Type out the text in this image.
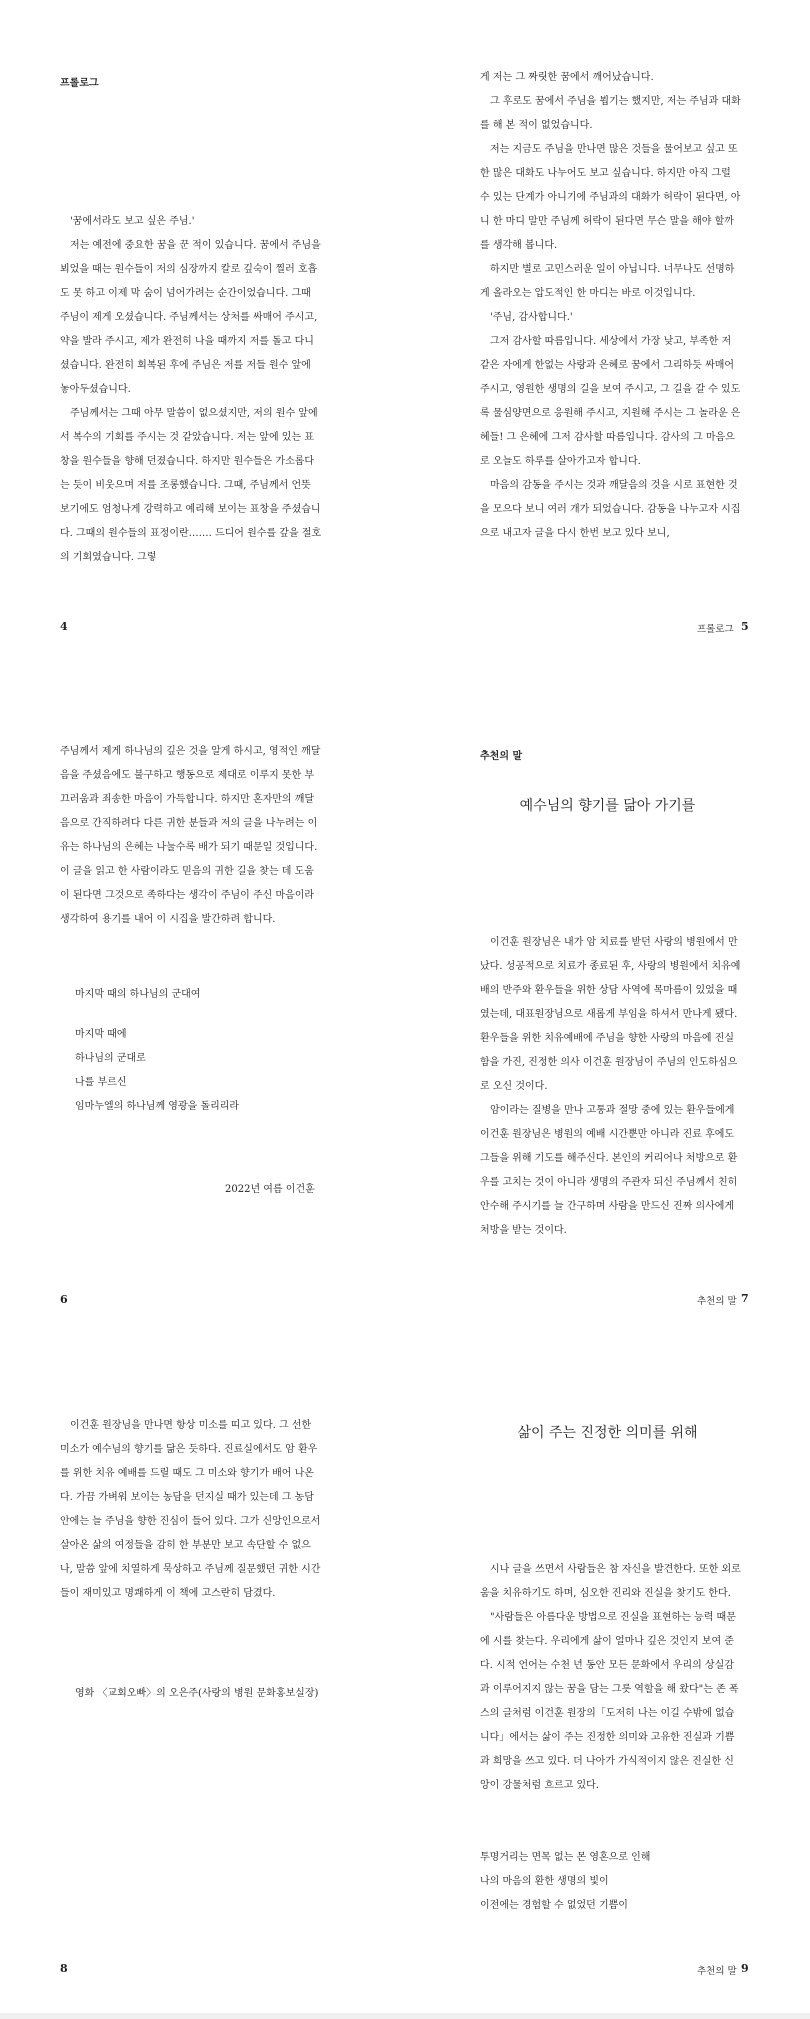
프롤로그

'꿈에서라도 보고 싶은 주님.'

저는 예전에 중요한 꿈을 꾼 적이 있습니다. 꿈에서 주님을 뵈었을 때는 원수들이 저의 심장까지 칼로 깊숙이 찔러 호흡도 못 하고 이제 막 숨이 넘어가려는 순간이었습니다. 그때 주님이 제게 오셨습니다. 주님께서는 상처를 싸매어 주시고, 약을 발라 주시고, 제가 완전히 나을 때까지 저를 돌고 다니셨습니다. 완전히 회복된 후에 주님은 저를 저들 원수 앞에 놓아두셨습니다.

주님께서는 그때 아무 말씀이 없으셨지만, 저의 원수 앞에서 복수의 기회를 주시는 것 같았습니다. 저는 앞에 있는 표창을 원수들을 향해 던졌습니다. 하지만 원수들은 가소롭다는 듯이 비웃으며 저를 조롱했습니다. 그때, 주님께서 언뜻 보기에도 엄청나게 강력하고 예리해 보이는 표창을 주셨습니다. 그때의 원수들의 표정이란……. 드디어 원수를 갚을 절호의 기회였습니다. 그렇

4

게 저는 그 짜릿한 꿈에서 깨어났습니다.

그 후로도 꿈에서 주님을 뵙기는 했지만, 저는 주님과 대화를 해 본 적이 없었습니다.

저는 지금도 주님을 만나면 많은 것들을 물어보고 싶고 또한 많은 대화도 나누어도 보고 싶습니다. 하지만 아직 그럴 수 있는 단계가 아니기에 주님과의 대화가 허락이 된다면, 아니 한 마디 말만 주님께 허락이 된다면 무슨 말을 해야 할까를 생각해 봅니다.

하지만 별로 고민스러운 일이 아닙니다. 너무나도 선명하게 올라오는 압도적인 한 마디는 바로 이것입니다.

'주님, 감사합니다.'

그저 감사할 따름입니다. 세상에서 가장 낮고, 부족한 저 같은 자에게 한없는 사랑과 은혜로 꿈에서 그리하듯 싸매어 주시고, 영원한 생명의 길을 보여 주시고, 그 길을 갈 수 있도록 물심양면으로 응원해 주시고, 지원해 주시는 그 놀라운 은혜들! 그 은혜에 그저 감사할 따름입니다. 감사의 그 마음으로 오늘도 하루를 살아가고자 합니다.

마음의 감동을 주시는 것과 깨달음의 것을 시로 표현한 것을 모으다 보니 여러 개가 되었습니다. 감동을 나누고자 시집으로 내고자 글을 다시 한번 보고 있다 보니,

프롤로그 5

주님께서 제게 하나님의 깊은 것을 알게 하시고, 영적인 깨달음을 주셨음에도 불구하고 행동으로 제대로 이루지 못한 부끄러움과 죄송한 마음이 가득합니다. 하지만 혼자만의 깨달음으로 간직하려다 다른 귀한 분들과 저의 글을 나누려는 이유는 하나님의 은혜는 나눌수록 배가 되기 때문일 것입니다. 이 글을 읽고 한 사람이라도 믿음의 귀한 길을 찾는 데 도움이 된다면 그것으로 족하다는 생각이 주님이 주신 마음이라 생각하여 용기를 내어 이 시집을 발간하려 합니다.

마지막 때의 하나님의 군대여

마지막 때에

하나님의 군대로

나를 부르신

임마누엘의 하나님께 영광을 돌리리라

2022년 여름 이건훈
6
추천의 말
예수님의 향기를 닮아 가기를

이건훈 원장님은 내가 암 치료를 받던 사랑의 병원에서 만났다. 성공적으로 치료가 종료된 후, 사랑의 병원에서 치유예배의 반주와 환우들을 위한 상담 사역에 목마름이 있었을 때였는데, 대표원장님으로 새롭게 부임을 하셔서 만나게 됐다. 환우들을 위한 치유예배에 주님을 향한 사랑의 마음에 진실함을 가진, 진정한 의사 이건훈 원장님이 주님의 인도하심으로 오신 것이다.

암이라는 질병을 만나 고통과 절망 중에 있는 환우들에게 이건훈 원장님은 병원의 예배 시간뿐만 아니라 진료 후에도 그들을 위해 기도를 해주신다. 본인의 커리어나 처방으로 환우를 고치는 것이 아니라 생명의 주관자 되신 주님께서 친히 안수해 주시기를 늘 간구하며 사람을 만드신 진짜 의사에게 처방을 받는 것이다.

추천의 말 7

이건훈 원장님을 만나면 항상 미소를 띠고 있다. 그 선한 미소가 예수님의 향기를 닮은 듯하다. 진료실에서도 암 환우를 위한 치유 예배를 드릴 때도 그 미소와 향기가 배어 나온다. 가끔 가벼워 보이는 농담을 던지실 때가 있는데 그 농담 안에는 늘 주님을 향한 진심이 들어 있다. 그가 신앙인으로서 살아온 삶의 여정들을 감히 한 부분만 보고 속단할 수 없으나, 말씀 앞에 치열하게 묵상하고 주님께 질문했던 귀한 시간들이 재미있고 명쾌하게 이 책에 고스란히 담겼다.

영화 〈교회오빠〉의 오은주(사랑의 병원 문화홍보실장)
8
삶이 주는 진정한 의미를 위해

시나 글을 쓰면서 사람들은 참 자신을 발견한다. 또한 외로움을 치유하기도 하며, 심오한 진리와 진실을 찾기도 한다.

"사람들은 아름다운 방법으로 진실을 표현하는 능력 때문에 시를 찾는다. 우리에게 삶이 얼마나 깊은 것인지 보여 준다. 시적 언어는 수천 년 동안 모든 문화에서 우리의 상실감과 이루어지지 않는 꿈을 담는 그릇 역할을 해 왔다"는 존 폭스의 글처럼 이건훈 원장의「도저히 나는 이길 수밖에 없습니다」에서는 삶이 주는 진정한 의미와 고유한 진실과 기쁨과 희망을 쓰고 있다. 더 나아가 가식적이지 않은 진실한 신앙이 강물처럼 흐르고 있다.

투명거리는 면목 없는 몬 영혼으로 인해

나의 마음의 환한 생명의 빛이

이전에는 경험할 수 없었던 기쁨이

추천의 말 9
